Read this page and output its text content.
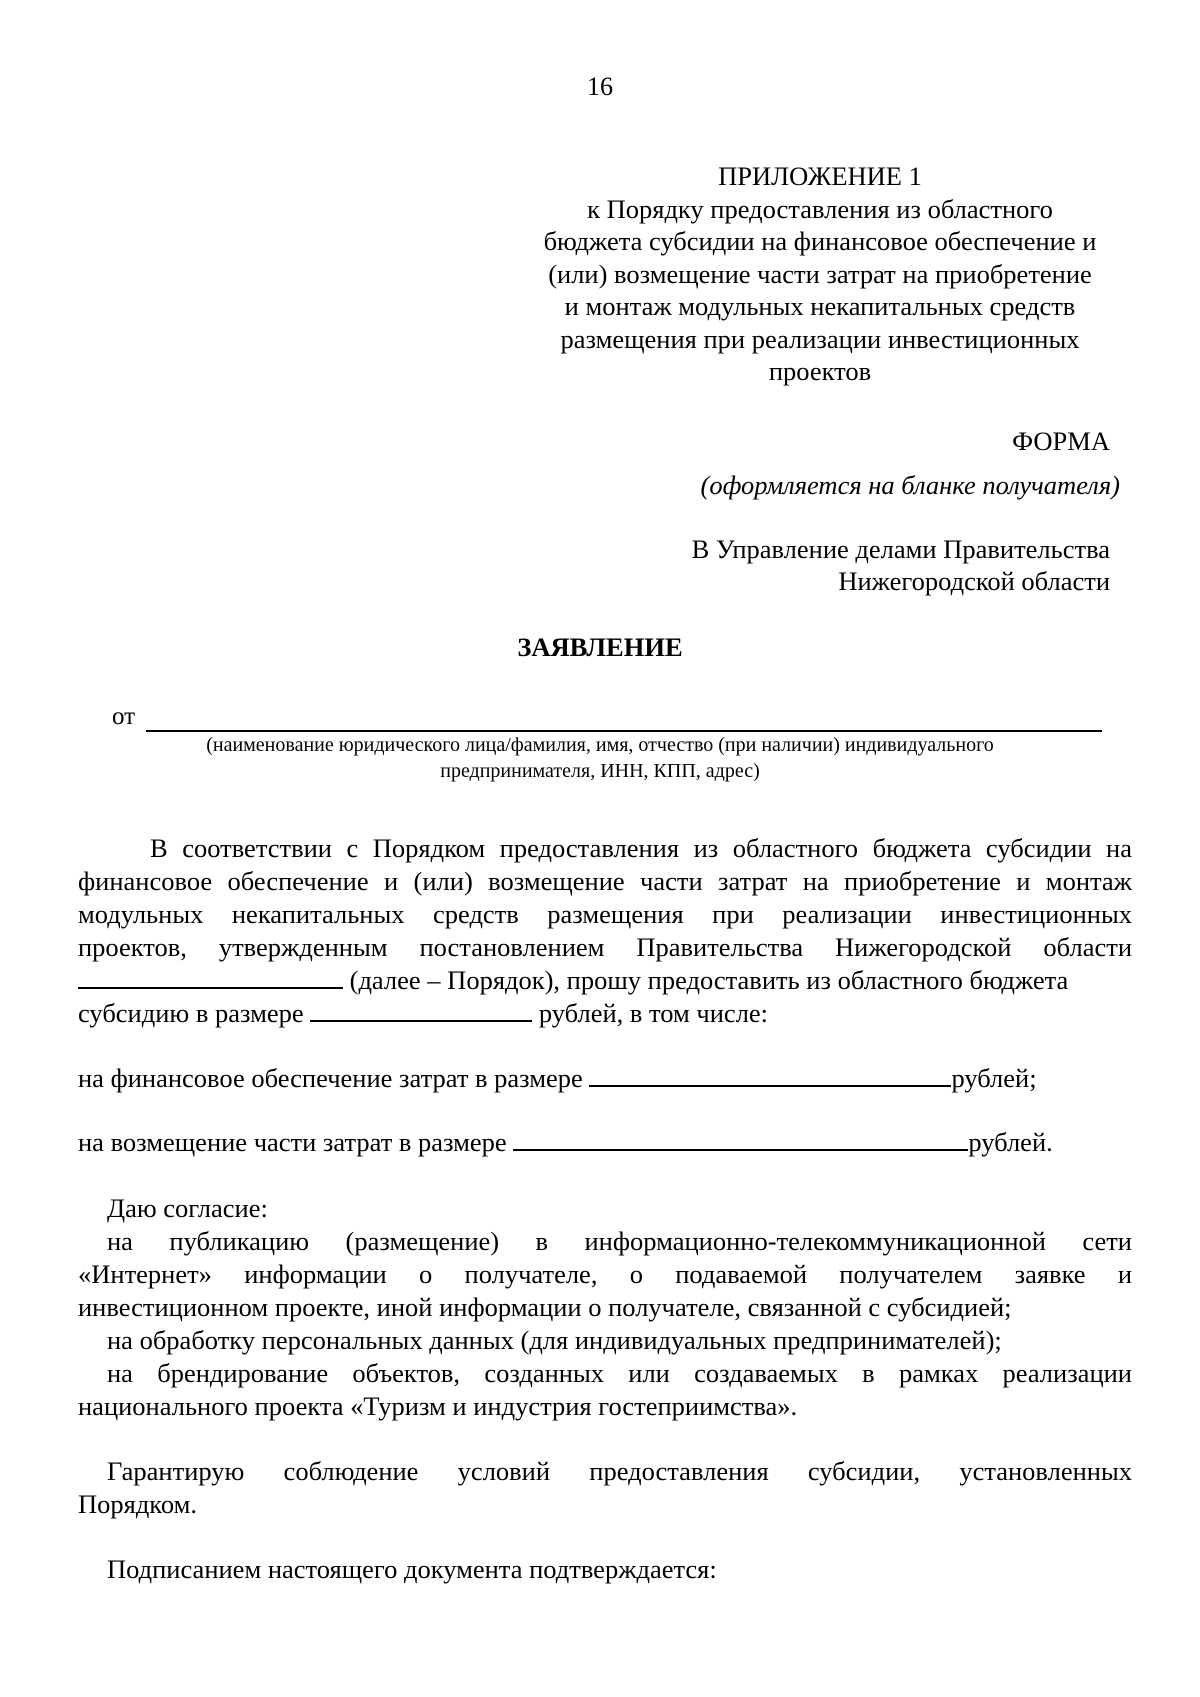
16
ПРИЛОЖЕНИЕ 1
к Порядку предоставления из областного
бюджета субсидии на финансовое обеспечение и
(или) возмещение части затрат на приобретение
и монтаж модульных некапитальных средств
размещения при реализации инвестиционных
проектов
ФОРМА
(оформляется на бланке получателя)
В Управление делами Правительства
Нижегородской области
ЗАЯВЛЕНИЕ
от
(наименование юридического лица/фамилия, имя, отчество (при наличии) индивидуального
предпринимателя, ИНН, КПП, адрес)
В соответствии с Порядком предоставления из областного бюджета субсидии на
финансовое обеспечение и (или) возмещение части затрат на приобретение и монтаж
модульных некапитальных средств размещения при реализации инвестиционных
проектов, утвержденным постановлением Правительства Нижегородской области
(далее – Порядок), прошу предоставить из областного бюджета
субсидию в размере	рублей, в том числе:
на финансовое обеспечение затрат в размере	рублей;
на возмещение части затрат в размере	рублей.
Даю согласие:
на публикацию (размещение) в информационно-телекоммуникационной сети
«Интернет» информации о получателе, о подаваемой получателем заявке и
инвестиционном проекте, иной информации о получателе, связанной с субсидией;
на обработку персональных данных (для индивидуальных предпринимателей);
на брендирование объектов, созданных или создаваемых в рамках реализации
национального проекта «Туризм и индустрия гостеприимства».
Гарантирую соблюдение условий предоставления субсидии, установленных
Порядком.
Подписанием настоящего документа подтверждается:
